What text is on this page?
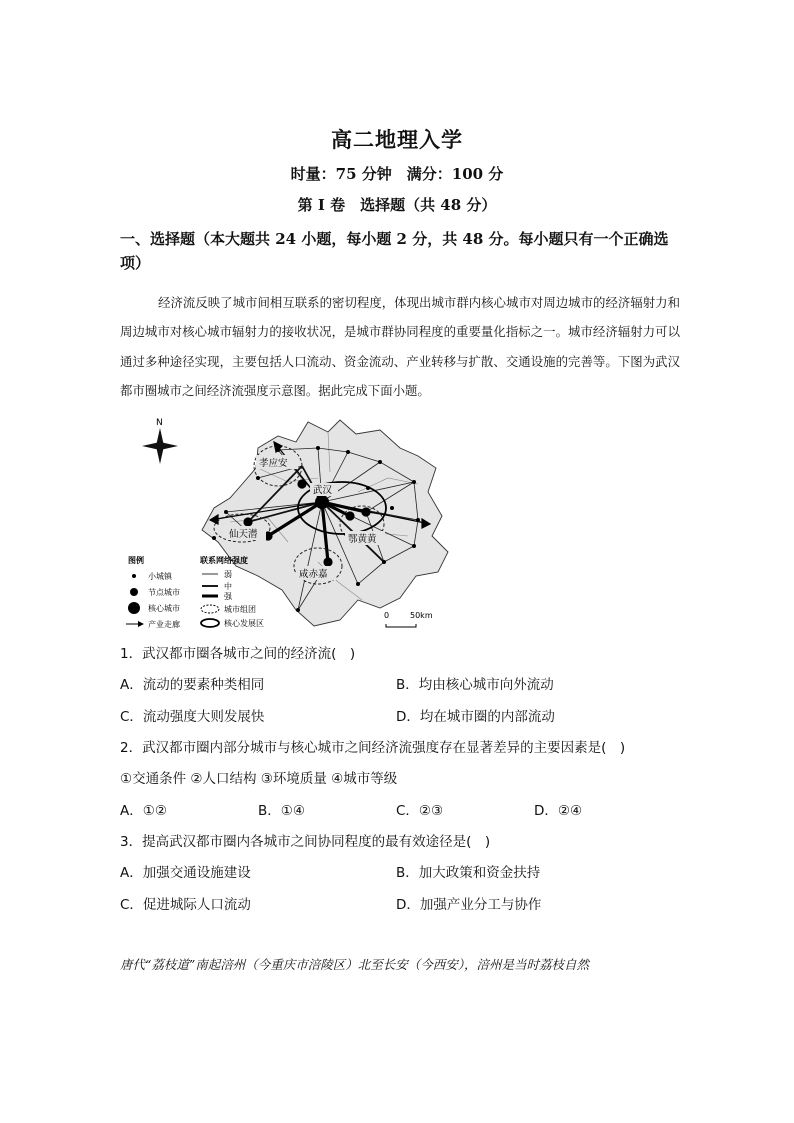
高二地理入学
时量：75 分钟　满分：100 分
第 I 卷　选择题（共 48 分）
一、选择题（本大题共 24 小题，每小题 2 分，共 48 分。每小题只有一个正确选项）
经济流反映了城市间相互联系的密切程度，体现出城市群内核心城市对周边城市的经济辐射力和周边城市对核心城市辐射力的接收状况，是城市群协同程度的重要量化指标之一。城市经济辐射力可以通过多种途径实现，主要包括人口流动、资金流动、产业转移与扩散、交通设施的完善等。下图为武汉都市圈城市之间经济流强度示意图。据此完成下面小题。
N
孝应安
武汉
仙天潜	鄂黄黄
咸赤嘉
图例
小城镇
节点城市
核心城市
产业走廊
联系网络强度
弱
中
强
城市组团
核心发展区
0	50km
1．武汉都市圈各城市之间的经济流(　)
A．流动的要素种类相同	B．均由核心城市向外流动
C．流动强度大则发展快	D．均在城市圈的内部流动
2．武汉都市圈内部分城市与核心城市之间经济流强度存在显著差异的主要因素是(　)
①交通条件 ②人口结构 ③环境质量 ④城市等级
A．①②	B．①④	C．②③	D．②④
3．提高武汉都市圈内各城市之间协同程度的最有效途径是(　)
A．加强交通设施建设	B．加大政策和资金扶持
C．促进城际人口流动	D．加强产业分工与协作
唐代“荔枝道”南起涪州（今重庆市涪陵区）北至长安（今西安），涪州是当时荔枝自然
